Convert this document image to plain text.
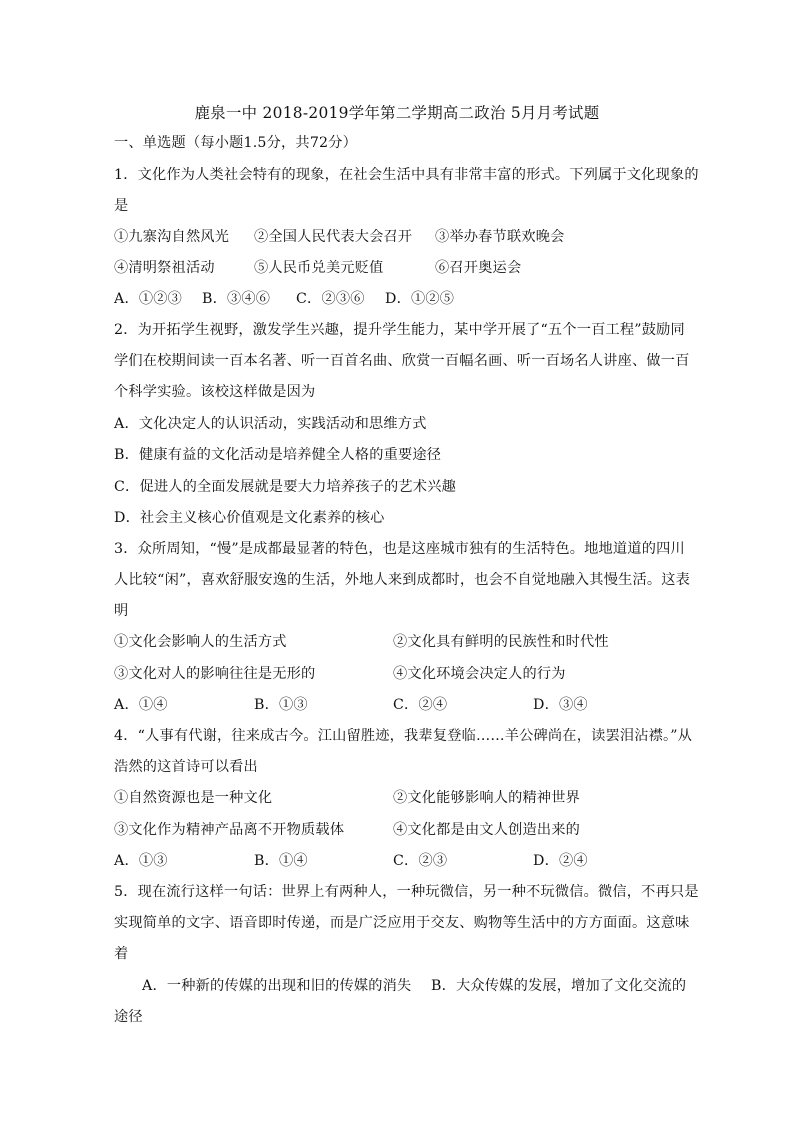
鹿泉一中 2018-2019学年第二学期高二政治 5月月考试题
一、单选题（每小题1.5分，共72分）
1．文化作为人类社会特有的现象，在社会生活中具有非常丰富的形式。下列属于文化现象的
是
①九寨沟自然风光 ②全国人民代表大会召开 ③举办春节联欢晚会
④清明祭祖活动	⑤人民币兑美元贬值	⑥召开奥运会
A．①②③ B．③④⑥ C．②③⑥ D．①②⑤
2．为开拓学生视野，激发学生兴趣，提升学生能力，某中学开展了“五个一百工程”鼓励同
学们在校期间读一百本名著、听一百首名曲、欣赏一百幅名画、听一百场名人讲座、做一百
个科学实验。该校这样做是因为
A．文化决定人的认识活动，实践活动和思维方式
B．健康有益的文化活动是培养健全人格的重要途径
C．促进人的全面发展就是要大力培养孩子的艺术兴趣
D．社会主义核心价值观是文化素养的核心
3．众所周知，“慢”是成都最显著的特色，也是这座城市独有的生活特色。地地道道的四川
人比较“闲”，喜欢舒服安逸的生活，外地人来到成都时，也会不自觉地融入其慢生活。这表
明
①文化会影响人的生活方式	②文化具有鲜明的民族性和时代性
③文化对人的影响往往是无形的	④文化环境会决定人的行为
A．①④	B．①③	C．②④	D．③④
4．“人事有代谢，往来成古今。江山留胜迹，我辈复登临……羊公碑尚在，读罢泪沾襟。”从
浩然的这首诗可以看出
①自然资源也是一种文化	②文化能够影响人的精神世界
③文化作为精神产品离不开物质载体	④文化都是由文人创造出来的
A．①③	B．①④	C．②③	D．②④
5．现在流行这样一句话：世界上有两种人，一种玩微信，另一种不玩微信。微信，不再只是
实现简单的文字、语音即时传递，而是广泛应用于交友、购物等生活中的方方面面。这意味
着
A．一种新的传媒的出现和旧的传媒的消失 B．大众传媒的发展，增加了文化交流的
途径
